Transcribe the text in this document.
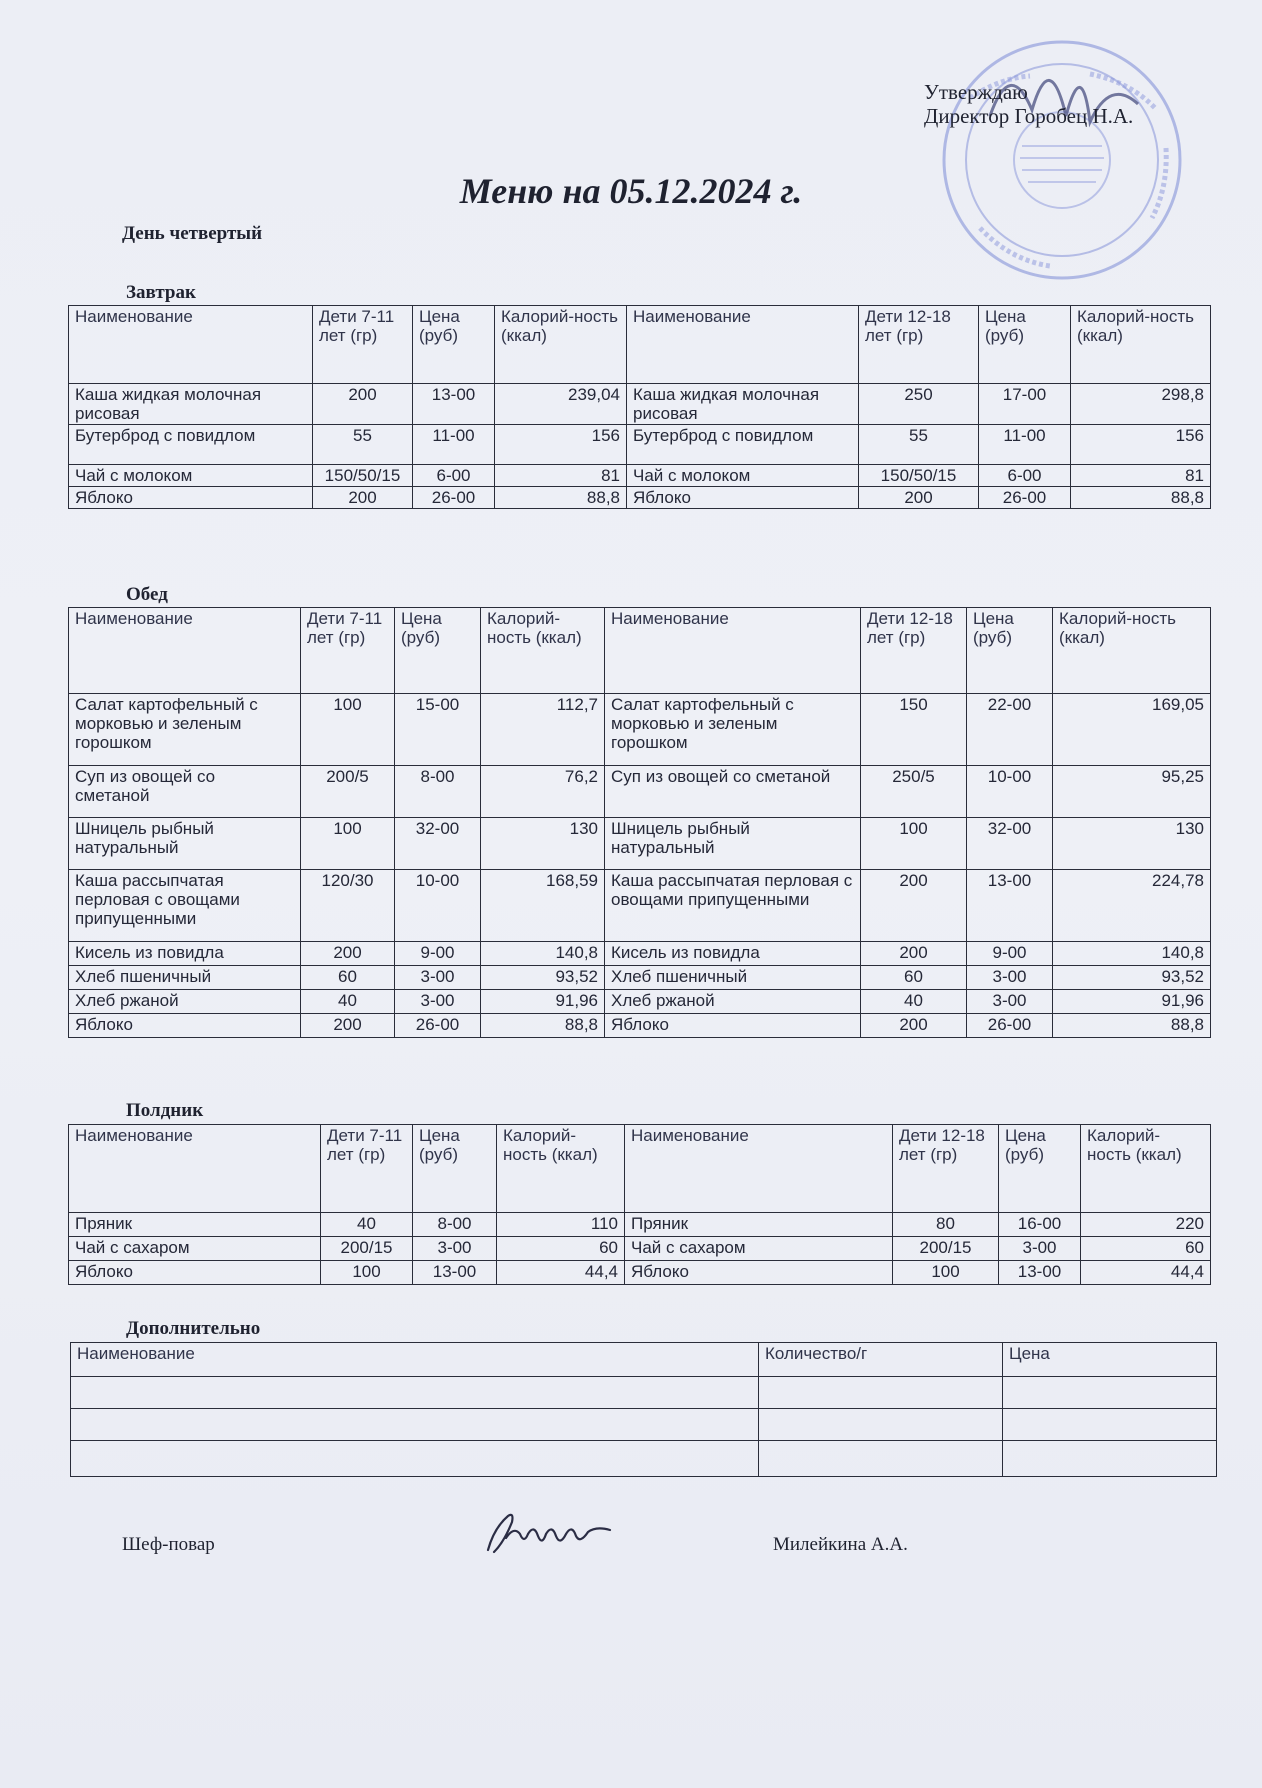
Утверждаю
Директор Горобец Н.А.
Меню на 05.12.2024 г.
День четвертый
Завтрак
Наименование	Дети 7-11 лет (гр)	Цена (руб)	Калорий-ность (ккал)	Наименование	Дети 12-18 лет (гр)	Цена (руб)	Калорий-ность (ккал)
Каша жидкая молочная рисовая	200	13-00	239,04	Каша жидкая молочная рисовая	250	17-00	298,8
Бутерброд с повидлом	55	11-00	156	Бутерброд с повидлом	55	11-00	156
Чай с молоком	150/50/15	6-00	81	Чай с молоком	150/50/15	6-00	81
Яблоко	200	26-00	88,8	Яблоко	200	26-00	88,8
Обед
Наименование	Дети 7-11 лет (гр)	Цена (руб)	Калорий-ность (ккал)	Наименование	Дети 12-18 лет (гр)	Цена (руб)	Калорий-ность (ккал)
Салат картофельный с морковью и зеленым горошком	100	15-00	112,7	Салат картофельный с морковью и зеленым горошком	150	22-00	169,05
Суп из овощей со сметаной	200/5	8-00	76,2	Суп из овощей со сметаной	250/5	10-00	95,25
Шницель рыбный натуральный	100	32-00	130	Шницель рыбный натуральный	100	32-00	130
Каша рассыпчатая перловая с овощами припущенными	120/30	10-00	168,59	Каша рассыпчатая перловая с овощами припущенными	200	13-00	224,78
Кисель из повидла	200	9-00	140,8	Кисель из повидла	200	9-00	140,8
Хлеб пшеничный	60	3-00	93,52	Хлеб пшеничный	60	3-00	93,52
Хлеб ржаной	40	3-00	91,96	Хлеб ржаной	40	3-00	91,96
Яблоко	200	26-00	88,8	Яблоко	200	26-00	88,8
Полдник
Наименование	Дети 7-11 лет (гр)	Цена (руб)	Калорий-ность (ккал)	Наименование	Дети 12-18 лет (гр)	Цена (руб)	Калорий-ность (ккал)
Пряник	40	8-00	110	Пряник	80	16-00	220
Чай с сахаром	200/15	3-00	60	Чай с сахаром	200/15	3-00	60
Яблоко	100	13-00	44,4	Яблоко	100	13-00	44,4
Дополнительно
Наименование	Количество/г	Цена

Шеф-повар	Милейкина А.А.
